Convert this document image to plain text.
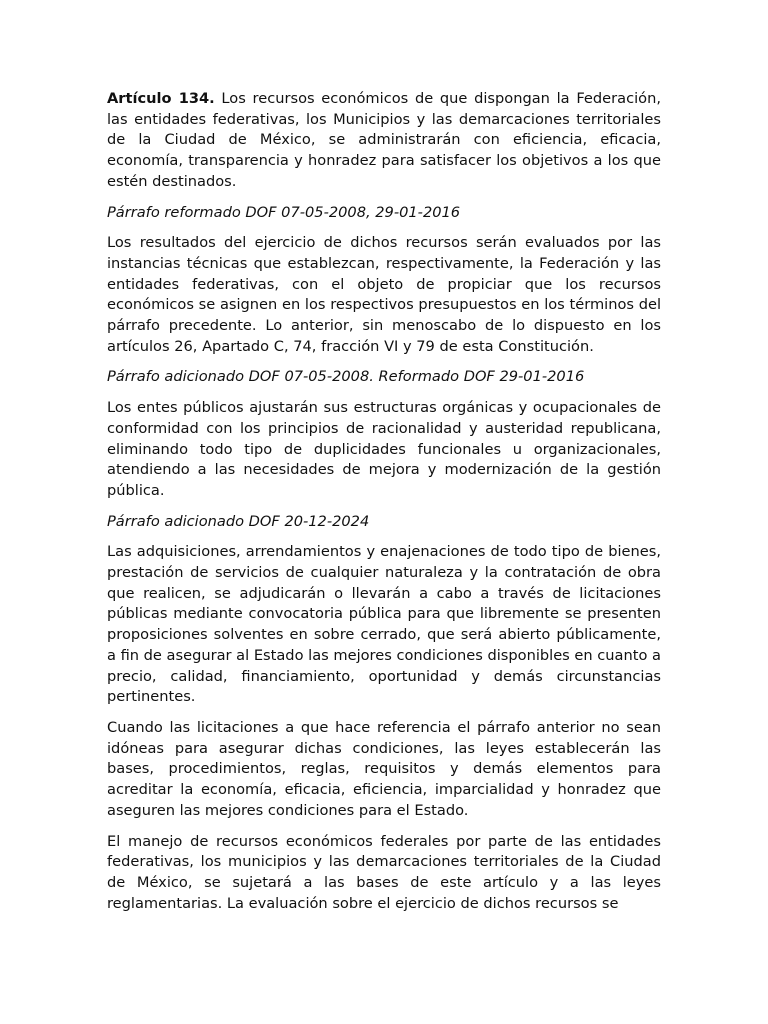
Artículo 134. Los recursos económicos de que dispongan la Federación, las entidades federativas, los Municipios y las demarcaciones territoriales de la Ciudad de México, se administrarán con eficiencia, eficacia, economía, transparencia y honradez para satisfacer los objetivos a los que estén destinados.

Párrafo reformado DOF 07-05-2008, 29-01-2016

Los resultados del ejercicio de dichos recursos serán evaluados por las instancias técnicas que establezcan, respectivamente, la Federación y las entidades federativas, con el objeto de propiciar que los recursos económicos se asignen en los respectivos presupuestos en los términos del párrafo precedente. Lo anterior, sin menoscabo de lo dispuesto en los artículos 26, Apartado C, 74, fracción VI y 79 de esta Constitución.

Párrafo adicionado DOF 07-05-2008. Reformado DOF 29-01-2016

Los entes públicos ajustarán sus estructuras orgánicas y ocupacionales de conformidad con los principios de racionalidad y austeridad republicana, eliminando todo tipo de duplicidades funcionales u organizacionales, atendiendo a las necesidades de mejora y modernización de la gestión pública.

Párrafo adicionado DOF 20-12-2024

Las adquisiciones, arrendamientos y enajenaciones de todo tipo de bienes, prestación de servicios de cualquier naturaleza y la contratación de obra que realicen, se adjudicarán o llevarán a cabo a través de licitaciones públicas mediante convocatoria pública para que libremente se presenten proposiciones solventes en sobre cerrado, que será abierto públicamente, a fin de asegurar al Estado las mejores condiciones disponibles en cuanto a precio, calidad, financiamiento, oportunidad y demás circunstancias pertinentes.

Cuando las licitaciones a que hace referencia el párrafo anterior no sean idóneas para asegurar dichas condiciones, las leyes establecerán las bases, procedimientos, reglas, requisitos y demás elementos para acreditar la economía, eficacia, eficiencia, imparcialidad y honradez que aseguren las mejores condiciones para el Estado.

El manejo de recursos económicos federales por parte de las entidades federativas, los municipios y las demarcaciones territoriales de la Ciudad de México, se sujetará a las bases de este artículo y a las leyes reglamentarias. La evaluación sobre el ejercicio de dichos recursos se
